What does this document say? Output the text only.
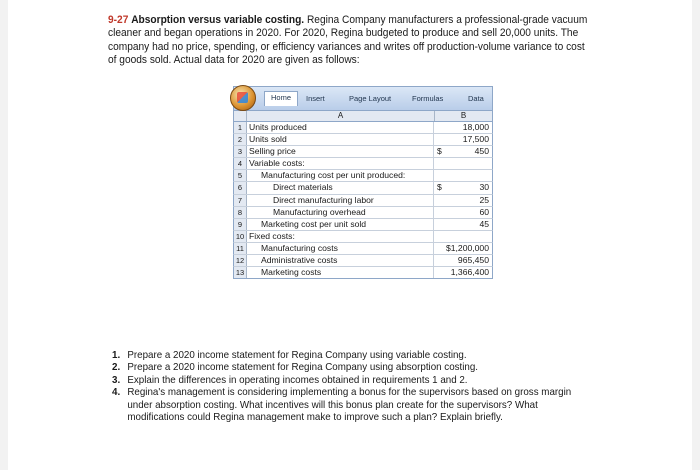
9-27 Absorption versus variable costing. Regina Company manufacturers a professional-grade vacuum cleaner and began operations in 2020. For 2020, Regina budgeted to produce and sell 20,000 units. The company had no price, spending, or efficiency variances and writes off production-volume variance to cost of goods sold. Actual data for 2020 are given as follows:
Home	Insert	Page Layout	Formulas	Data
A	B
1 Units produced	18,000
2 Units sold	17,500
3 Selling price	$	450
4 Variable costs:
5	Manufacturing cost per unit produced:
6	Direct materials	$	30
7	Direct manufacturing labor	25
8	Manufacturing overhead	60
9	Marketing cost per unit sold	45
10 Fixed costs:
11	Manufacturing costs	$1,200,000
12	Administrative costs	965,450
13	Marketing costs	1,366,400
1. Prepare a 2020 income statement for Regina Company using variable costing.
2. Prepare a 2020 income statement for Regina Company using absorption costing.
3. Explain the differences in operating incomes obtained in requirements 1 and 2.
4. Regina's management is considering implementing a bonus for the supervisors based on gross margin under absorption costing. What incentives will this bonus plan create for the supervisors? What modifications could Regina management make to improve such a plan? Explain briefly.
